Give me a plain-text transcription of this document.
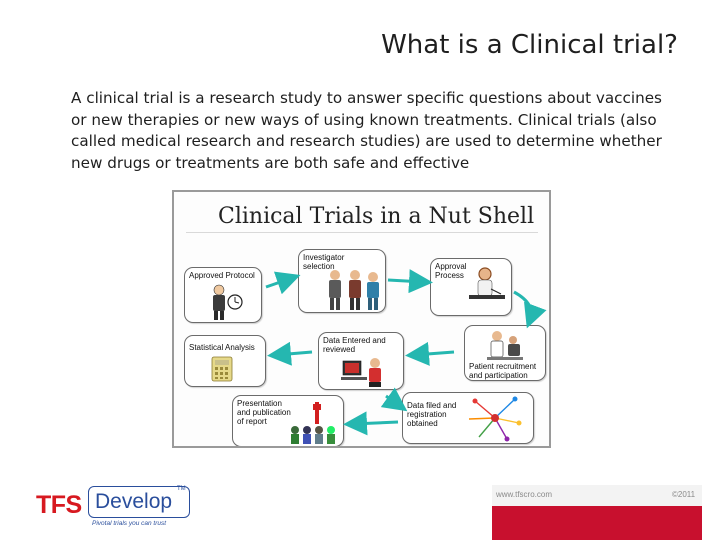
What is a Clinical trial?
A clinical trial is a research study to answer specific questions about vaccines or new therapies or new ways of using known treatments. Clinical trials (also called medical research and research studies) are used to determine whether new drugs or treatments are both safe and effective
Clinical Trials in a Nut Shell
Approved Protocol
Investigator
selection	Approval
Process
Patient recruitment
and participation
Data Entered and
reviewed
Statistical Analysis
Presentation
and publication
of report
Data filed and
registration
obtained
www.tfscro.com	©2011
TFS Develop
TM
Pivotal trials you can trust
